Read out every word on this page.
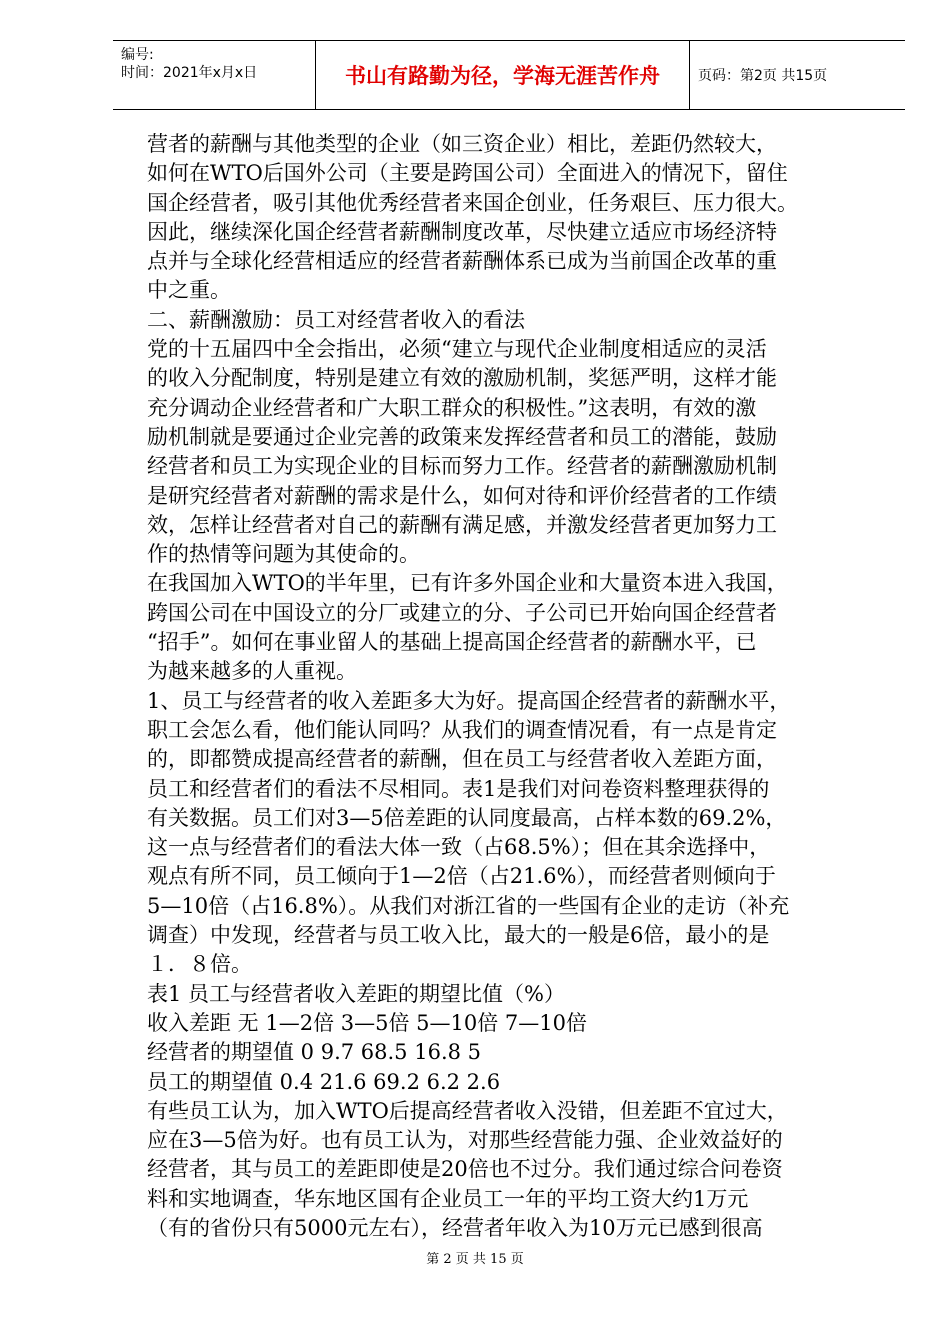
编号:
时间：2021年x月x日	书山有路勤为径，学海无涯苦作舟	页码：第2页 共15页
营者的薪酬与其他类型的企业（如三资企业）相比，差距仍然较大，
如何在WTO后国外公司（主要是跨国公司）全面进入的情况下，留住
国企经营者，吸引其他优秀经营者来国企创业，任务艰巨、压力很大。
因此，继续深化国企经营者薪酬制度改革，尽快建立适应市场经济特
点并与全球化经营相适应的经营者薪酬体系已成为当前国企改革的重
中之重。
二、薪酬激励：员工对经营者收入的看法
党的十五届四中全会指出，必须“建立与现代企业制度相适应的灵活
的收入分配制度，特别是建立有效的激励机制，奖惩严明，这样才能
充分调动企业经营者和广大职工群众的积极性。”这表明，有效的激
励机制就是要通过企业完善的政策来发挥经营者和员工的潜能，鼓励
经营者和员工为实现企业的目标而努力工作。经营者的薪酬激励机制
是研究经营者对薪酬的需求是什么，如何对待和评价经营者的工作绩
效，怎样让经营者对自己的薪酬有满足感，并激发经营者更加努力工
作的热情等问题为其使命的。
在我国加入WTO的半年里，已有许多外国企业和大量资本进入我国，
跨国公司在中国设立的分厂或建立的分、子公司已开始向国企经营者
“招手”。如何在事业留人的基础上提高国企经营者的薪酬水平，已
为越来越多的人重视。
1、员工与经营者的收入差距多大为好。提高国企经营者的薪酬水平，
职工会怎么看，他们能认同吗？从我们的调查情况看，有一点是肯定
的，即都赞成提高经营者的薪酬，但在员工与经营者收入差距方面，
员工和经营者们的看法不尽相同。表1是我们对问卷资料整理获得的
有关数据。员工们对3—5倍差距的认同度最高，占样本数的69.2%，
这一点与经营者们的看法大体一致（占68.5%）；但在其余选择中，
观点有所不同，员工倾向于1—2倍（占21.6%），而经营者则倾向于
5—10倍（占16.8%）。从我们对浙江省的一些国有企业的走访（补充
调查）中发现，经营者与员工收入比，最大的一般是6倍，最小的是
１．８倍。
表1 员工与经营者收入差距的期望比值（%）
收入差距 无 1—2倍 3—5倍 5—10倍 7—10倍
经营者的期望值 0 9.7 68.5 16.8 5
员工的期望值 0.4 21.6 69.2 6.2 2.6
有些员工认为，加入WTO后提高经营者收入没错，但差距不宜过大，
应在3—5倍为好。也有员工认为，对那些经营能力强、企业效益好的
经营者，其与员工的差距即使是20倍也不过分。我们通过综合问卷资
料和实地调查，华东地区国有企业员工一年的平均工资大约1万元
（有的省份只有5000元左右），经营者年收入为10万元已感到很高
第 2 页 共 15 页
